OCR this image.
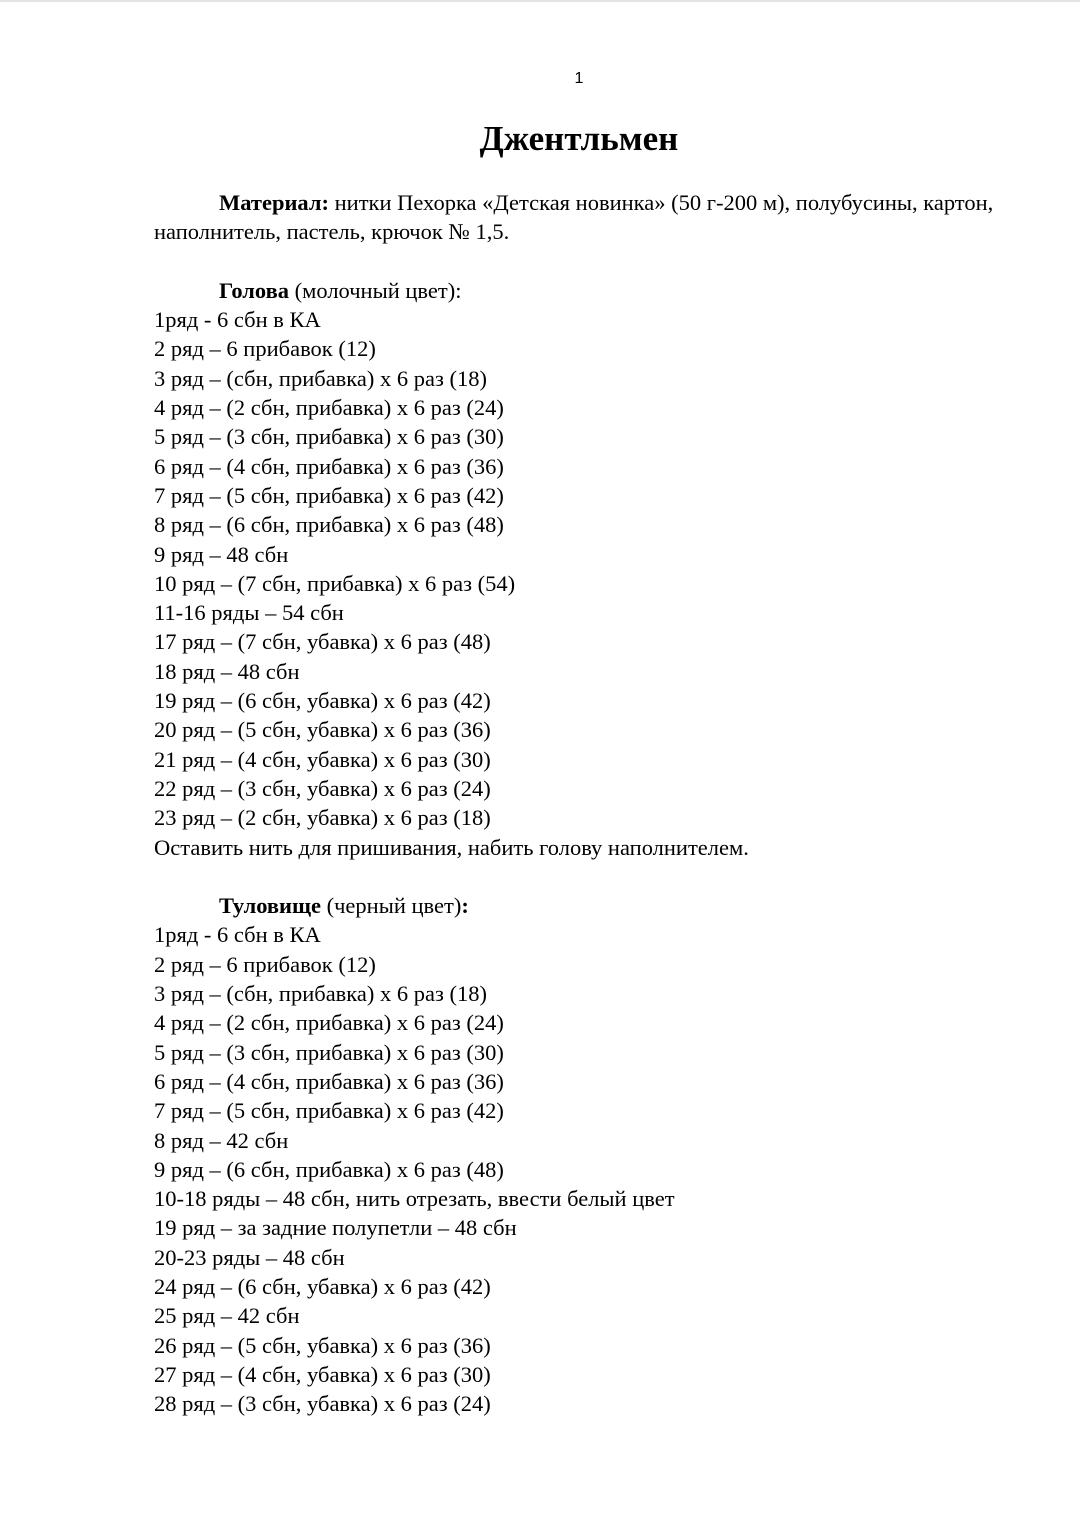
1
Джентльмен

Материал: нитки Пехорка «Детская новинка» (50 г-200 м), полубусины, картон, наполнитель, пастель, крючок № 1,5.

Голова (молочный цвет):

1ряд - 6 сбн в КА
2 ряд – 6 прибавок (12)
3 ряд – (сбн, прибавка) х 6 раз (18)
4 ряд – (2 сбн, прибавка) х 6 раз (24)
5 ряд – (3 сбн, прибавка) х 6 раз (30)
6 ряд – (4 сбн, прибавка) х 6 раз (36)
7 ряд – (5 сбн, прибавка) х 6 раз (42)
8 ряд – (6 сбн, прибавка) х 6 раз (48)
9 ряд – 48 сбн
10 ряд – (7 сбн, прибавка) х 6 раз (54)
11-16 ряды – 54 сбн
17 ряд – (7 сбн, убавка) х 6 раз (48)
18 ряд – 48 сбн
19 ряд – (6 сбн, убавка) х 6 раз (42)
20 ряд – (5 сбн, убавка) х 6 раз (36)
21 ряд – (4 сбн, убавка) х 6 раз (30)
22 ряд – (3 сбн, убавка) х 6 раз (24)
23 ряд – (2 сбн, убавка) х 6 раз (18)

Оставить нить для пришивания, набить голову наполнителем.

Туловище (черный цвет):

1ряд - 6 сбн в КА
2 ряд – 6 прибавок (12)
3 ряд – (сбн, прибавка) х 6 раз (18)
4 ряд – (2 сбн, прибавка) х 6 раз (24)
5 ряд – (3 сбн, прибавка) х 6 раз (30)
6 ряд – (4 сбн, прибавка) х 6 раз (36)
7 ряд – (5 сбн, прибавка) х 6 раз (42)
8 ряд – 42 сбн
9 ряд – (6 сбн, прибавка) х 6 раз (48)
10-18 ряды – 48 сбн, нить отрезать, ввести белый цвет
19 ряд – за задние полупетли – 48 сбн
20-23 ряды – 48 сбн
24 ряд – (6 сбн, убавка) х 6 раз (42)
25 ряд – 42 сбн
26 ряд – (5 сбн, убавка) х 6 раз (36)
27 ряд – (4 сбн, убавка) х 6 раз (30)
28 ряд – (3 сбн, убавка) х 6 раз (24)
